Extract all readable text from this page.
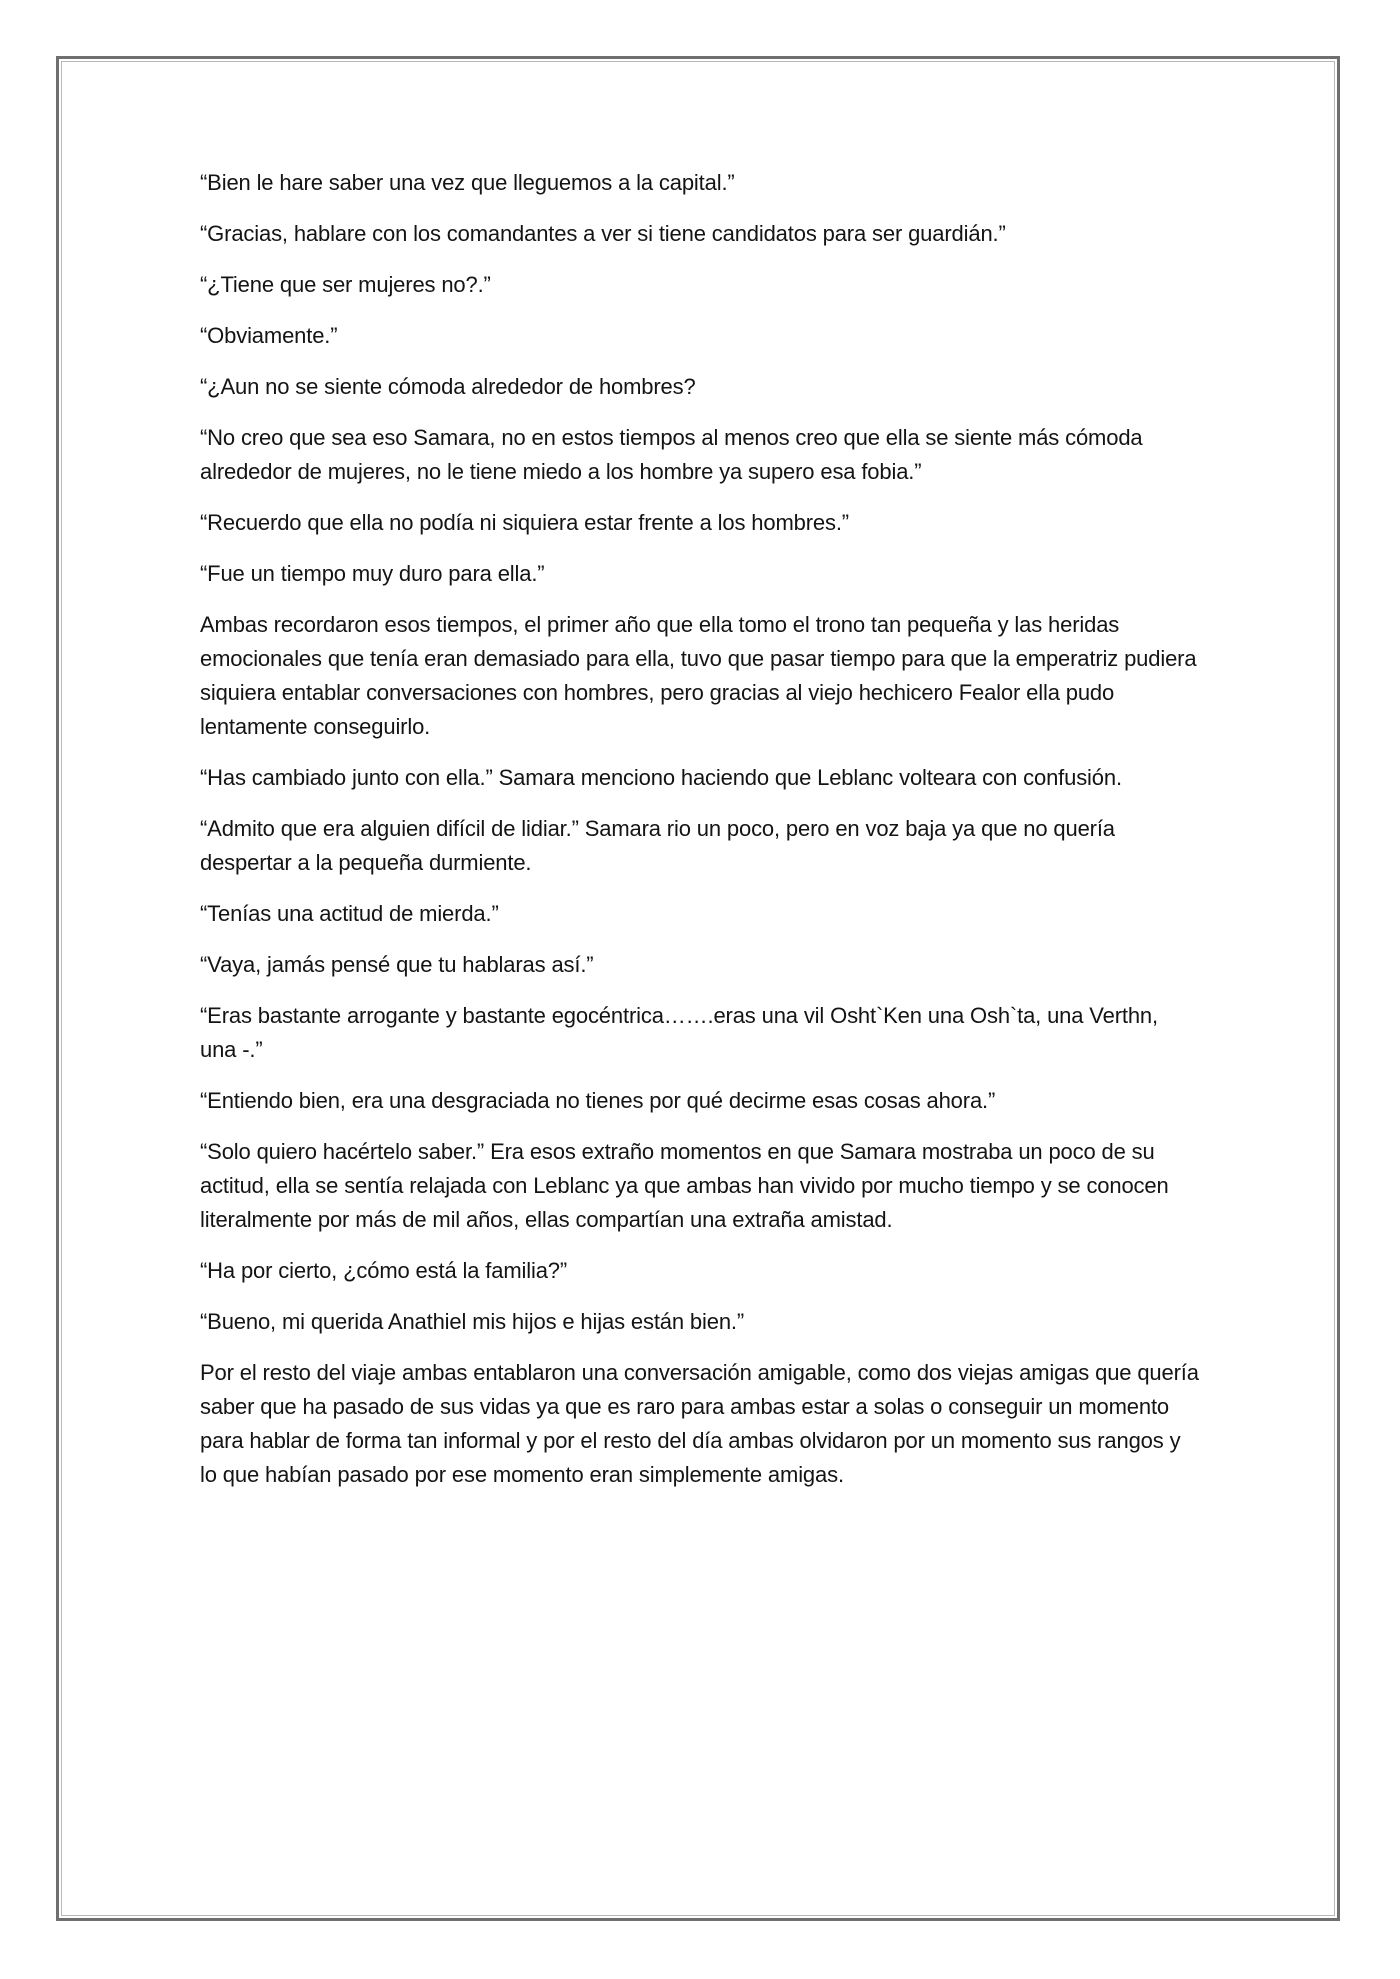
“Bien le hare saber una vez que lleguemos a la capital.”

“Gracias, hablare con los comandantes a ver si tiene candidatos para ser guardián.”

“¿Tiene que ser mujeres no?.”

“Obviamente.”

“¿Aun no se siente cómoda alrededor de hombres?

“No creo que sea eso Samara, no en estos tiempos al menos creo que ella se siente más cómoda alrededor de mujeres, no le tiene miedo a los hombre ya supero esa fobia.”

“Recuerdo que ella no podía ni siquiera estar frente a los hombres.”

“Fue un tiempo muy duro para ella.”

Ambas recordaron esos tiempos, el primer año que ella tomo el trono tan pequeña y las heridas emocionales que tenía eran demasiado para ella, tuvo que pasar tiempo para que la emperatriz pudiera siquiera entablar conversaciones con hombres, pero gracias al viejo hechicero Fealor ella pudo lentamente conseguirlo.

“Has cambiado junto con ella.” Samara menciono haciendo que Leblanc volteara con confusión.

“Admito que era alguien difícil de lidiar.” Samara rio un poco, pero en voz baja ya que no quería despertar a la pequeña durmiente.

“Tenías una actitud de mierda.”

“Vaya, jamás pensé que tu hablaras así.”

“Eras bastante arrogante y bastante egocéntrica…….eras una vil Osht`Ken una Osh`ta, una Verthn, una -.”

“Entiendo bien, era una desgraciada no tienes por qué decirme esas cosas ahora.”

“Solo quiero hacértelo saber.” Era esos extraño momentos en que Samara mostraba un poco de su actitud, ella se sentía relajada con Leblanc ya que ambas han vivido por mucho tiempo y se conocen literalmente por más de mil años, ellas compartían una extraña amistad.

“Ha por cierto, ¿cómo está la familia?”

“Bueno, mi querida Anathiel mis hijos e hijas están bien.”

Por el resto del viaje ambas entablaron una conversación amigable, como dos viejas amigas que quería saber que ha pasado de sus vidas ya que es raro para ambas estar a solas o conseguir un momento para hablar de forma tan informal y por el resto del día ambas olvidaron por un momento sus rangos y lo que habían pasado por ese momento eran simplemente amigas.
